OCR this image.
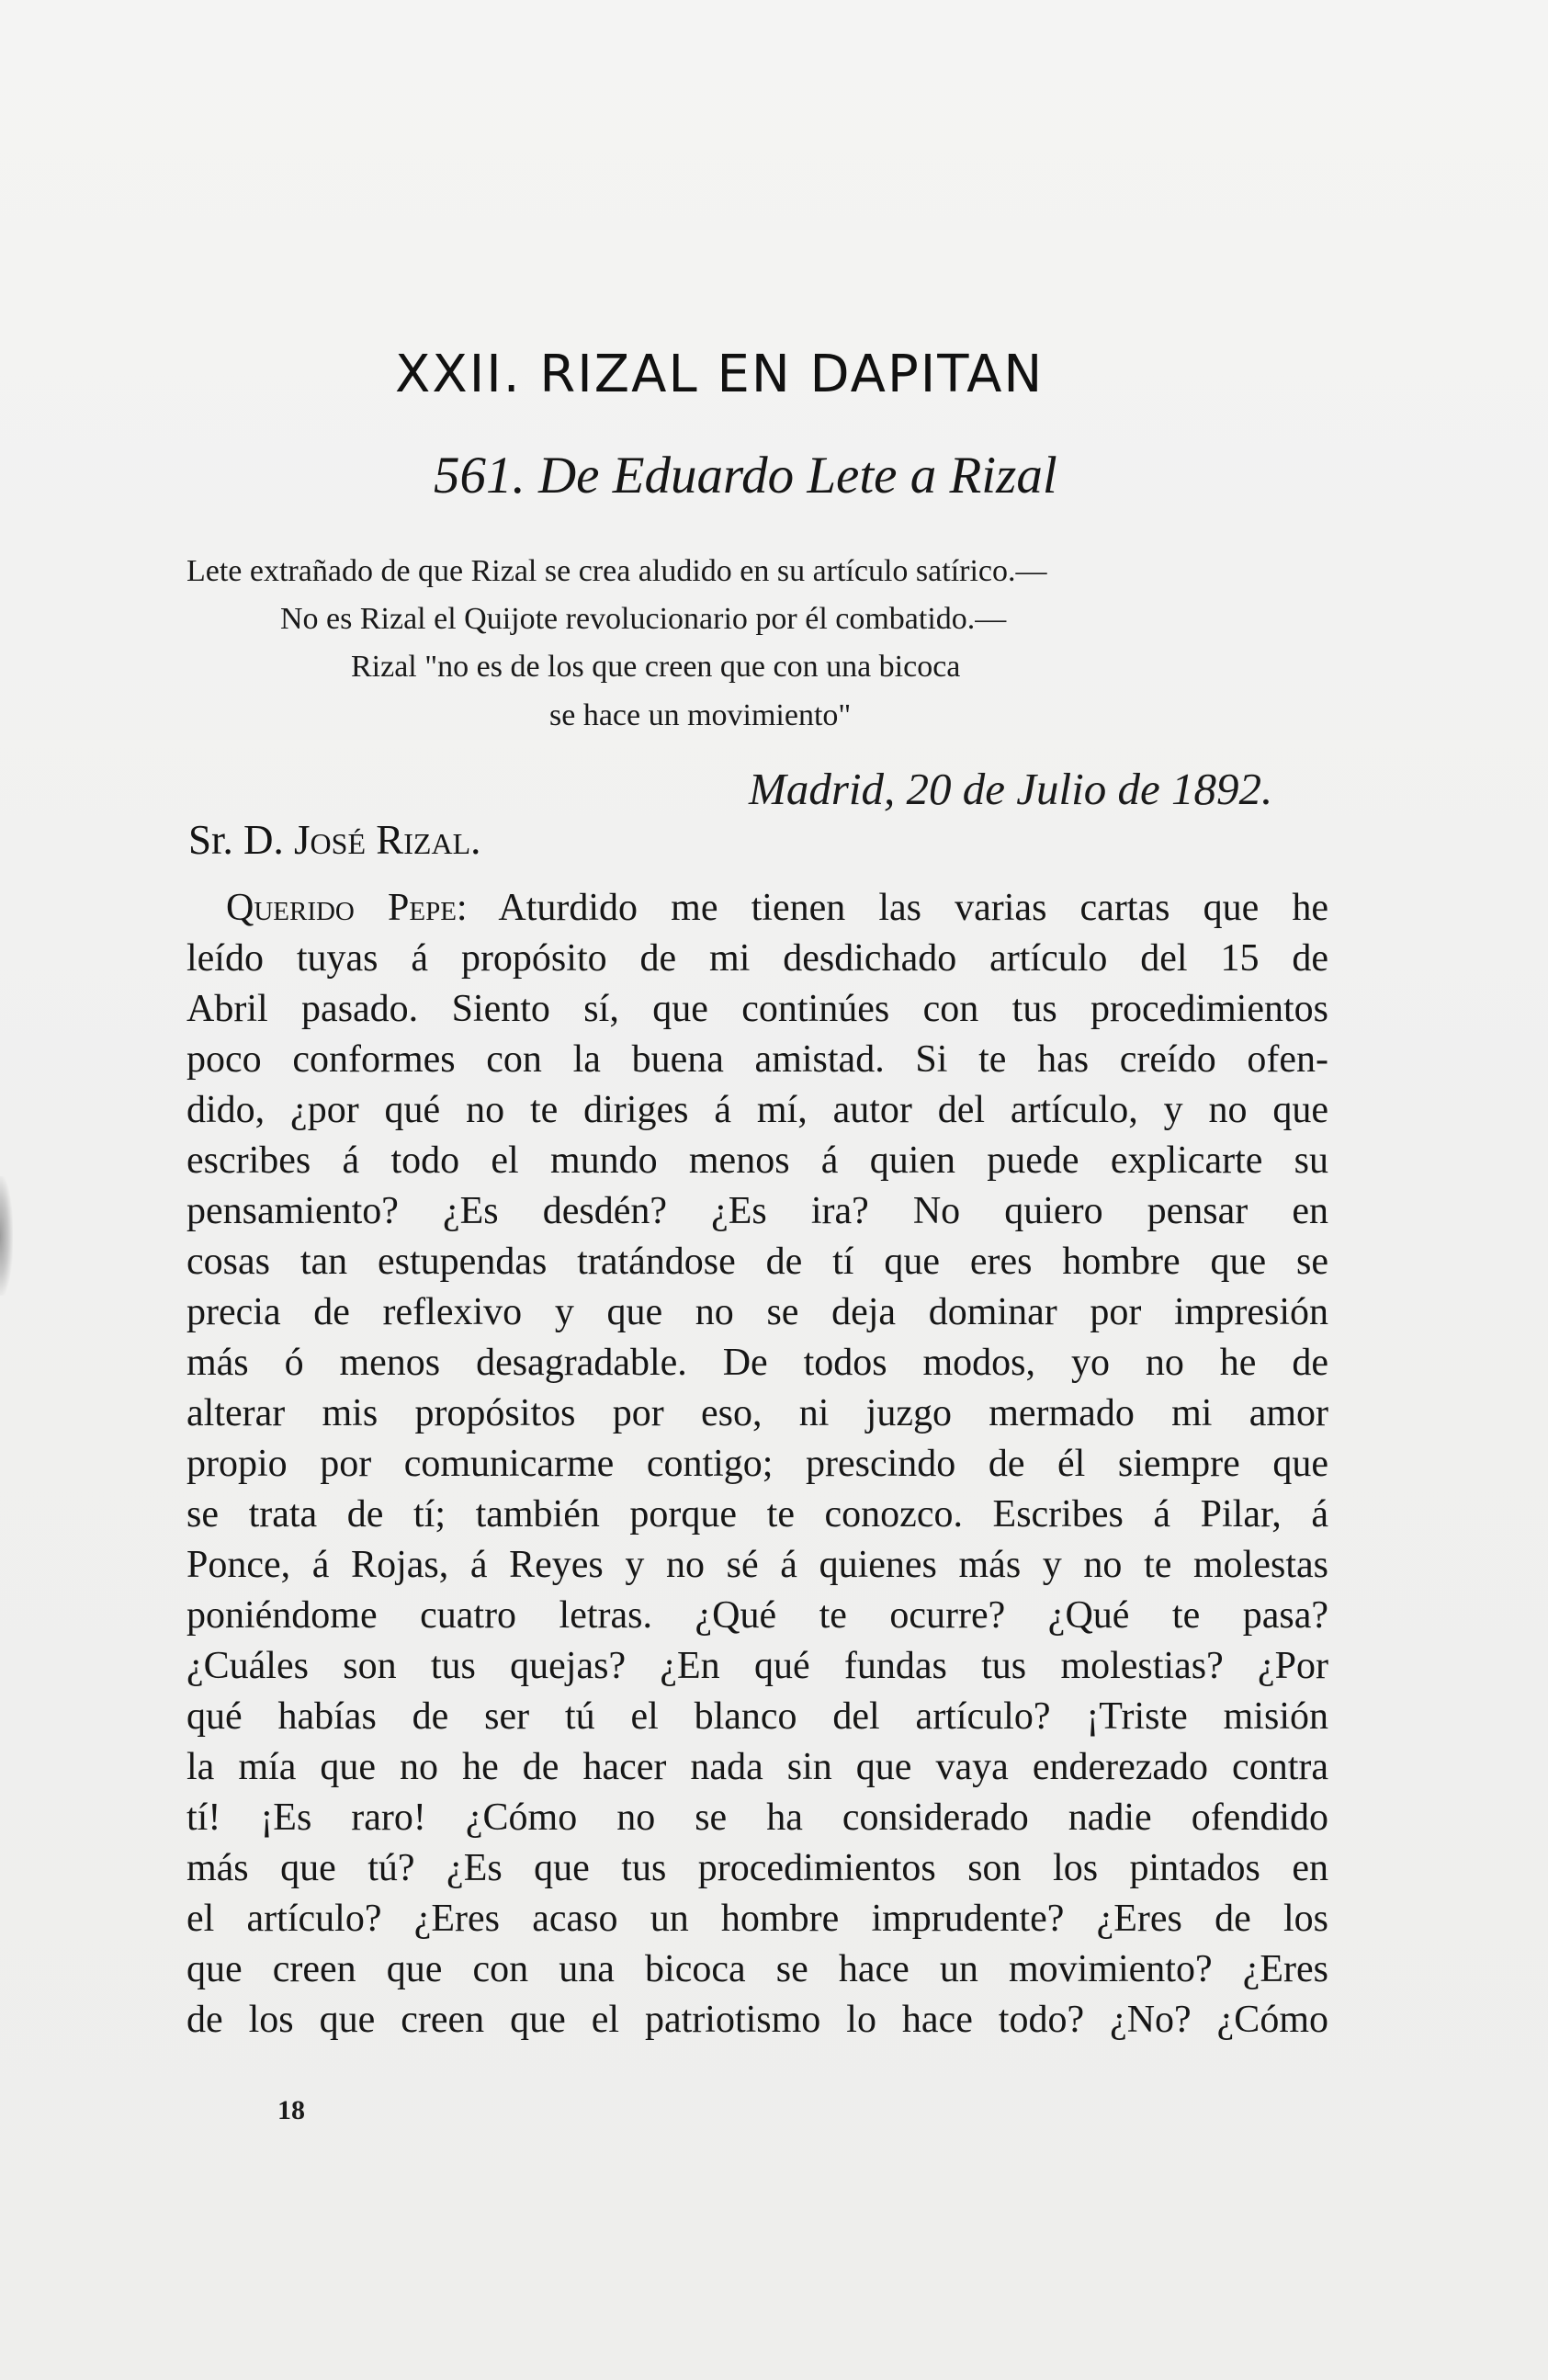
XXII. RIZAL EN DAPITAN
561. De Eduardo Lete a Rizal
Lete extrañado de que Rizal se crea aludido en su artículo satírico.—
No es Rizal el Quijote revolucionario por él combatido.—
Rizal "no es de los que creen que con una bicoca
se hace un movimiento"
Madrid, 20 de Julio de 1892.
Sr. D. José Rizal.
Querido Pepe: Aturdido me tienen las varias cartas que he
leído tuyas á propósito de mi desdichado artículo del 15 de
Abril pasado. Siento sí, que continúes con tus procedimientos
poco conformes con la buena amistad. Si te has creído ofen-
dido, ¿por qué no te diriges á mí, autor del artículo, y no que
escribes á todo el mundo menos á quien puede explicarte su
pensamiento? ¿Es desdén? ¿Es ira? No quiero pensar en
cosas tan estupendas tratándose de tí que eres hombre que se
precia de reflexivo y que no se deja dominar por impresión
más ó menos desagradable. De todos modos, yo no he de
alterar mis propósitos por eso, ni juzgo mermado mi amor
propio por comunicarme contigo; prescindo de él siempre que
se trata de tí; también porque te conozco. Escribes á Pilar, á
Ponce, á Rojas, á Reyes y no sé á quienes más y no te molestas
poniéndome cuatro letras. ¿Qué te ocurre? ¿Qué te pasa?
¿Cuáles son tus quejas? ¿En qué fundas tus molestias? ¿Por
qué habías de ser tú el blanco del artículo? ¡Triste misión
la mía que no he de hacer nada sin que vaya enderezado contra
tí! ¡Es raro! ¿Cómo no se ha considerado nadie ofendido
más que tú? ¿Es que tus procedimientos son los pintados en
el artículo? ¿Eres acaso un hombre imprudente? ¿Eres de los
que creen que con una bicoca se hace un movimiento? ¿Eres
de los que creen que el patriotismo lo hace todo? ¿No? ¿Cómo
18
